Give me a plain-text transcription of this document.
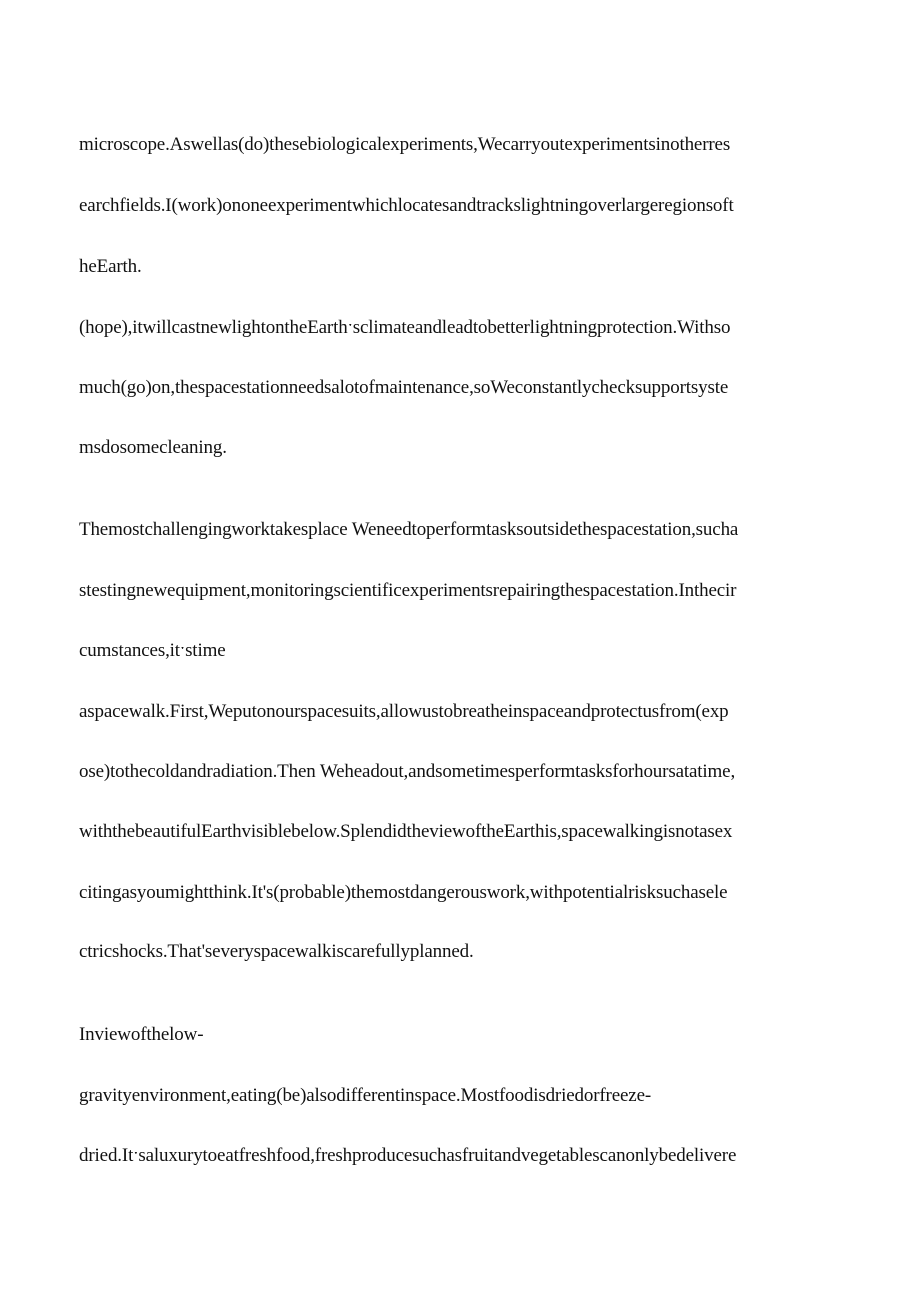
microscope.Aswellas(do)thesebiologicalexperiments,Wecarryoutexperimentsinotherres
earchfields.I(work)ononeexperimentwhichlocatesandtrackslightningoverlargeregionsoft
heEarth.
(hope),itwillcastnewlightontheEarthˑsclimateandleadtobetterlightningprotection.Withso
much(go)on,thespacestationneedsalotofmaintenance,soWeconstantlychecksupportsyste
msdosomecleaning.
Themostchallengingworktakesplace Weneedtoperformtasksoutsidethespacestation,sucha
stestingnewequipment,monitoringscientificexperimentsrepairingthespacestation.Inthecir
cumstances,itˑstime
aspacewalk.First,Weputonourspacesuits,allowustobreatheinspaceandprotectusfrom(exp
ose)tothecoldandradiation.Then Weheadout,andsometimesperformtasksforhoursatatime,
withthebeautifulEarthvisiblebelow.SplendidtheviewoftheEarthis,spacewalkingisnotasex
citingasyoumightthink.It's(probable)themostdangerouswork,withpotentialrisksuchasele
ctricshocks.That'severyspacewalkiscarefullyplanned.
Inviewofthelow-
gravityenvironment,eating(be)alsodifferentinspace.Mostfoodisdriedorfreeze-
dried.Itˑsaluxurytoeatfreshfood,freshproducesuchasfruitandvegetablescanonlybedelivere
